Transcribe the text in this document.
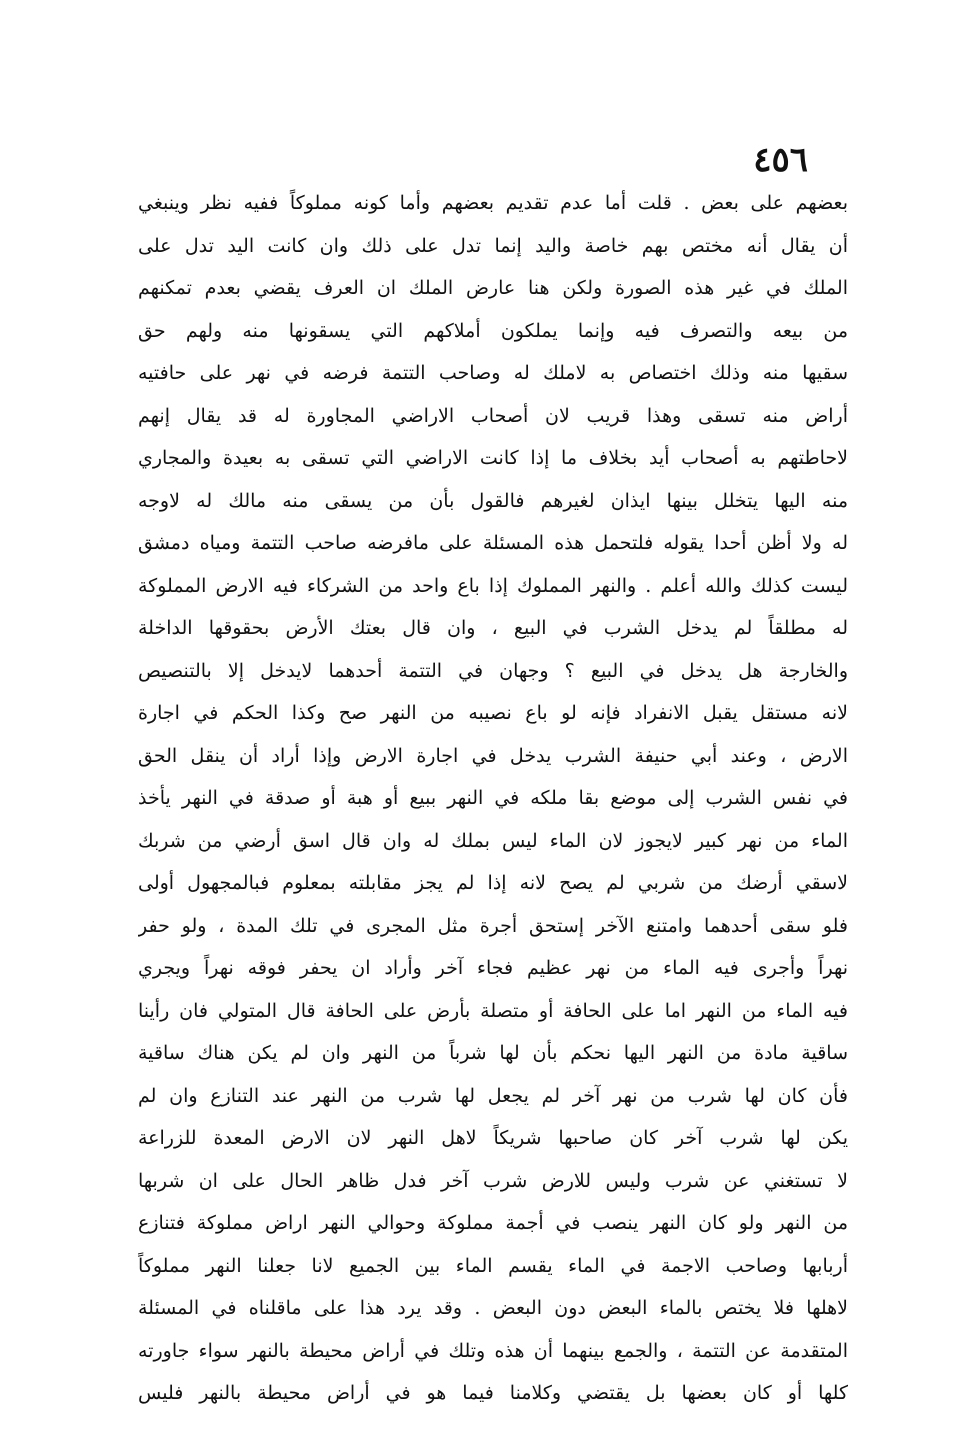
٤٥٦
بعضهم على بعض . قلت أما عدم تقديم بعضهم وأما كونه مملوكاً ففيه نظر وينبغي
أن يقال أنه مختص بهم خاصة واليد إنما تدل على ذلك وان كانت اليد تدل على
الملك في غير هذه الصورة ولكن هنا عارض الملك ان العرف يقضي بعدم تمكنهم
من بيعه والتصرف فيه وإنما يملكون أملاكهم التي يسقونها منه ولهم حق
سقيها منه وذلك اختصاص به لاملك له وصاحب التتمة فرضه في نهر على حافتيه
أراض منه تسقى وهذا قريب لان أصحاب الاراضي المجاورة له قد يقال إنهم
لاحاطتهم به أصحاب أيد بخلاف ما إذا كانت الاراضي التي تسقى به بعيدة والمجاري
منه اليها يتخلل بينها ايذان لغيرهم فالقول بأن من يسقى منه مالك له لاوجه
له ولا أظن أحدا يقوله فلتحمل هذه المسئلة على مافرضه صاحب التتمة ومياه دمشق
ليست كذلك والله أعلم . والنهر المملوك إذا باع واحد من الشركاء فيه الارض المملوكة
له مطلقاً لم يدخل الشرب في البيع ، وان قال بعتك الأرض بحقوقها الداخلة
والخارجة هل يدخل في البيع ؟ وجهان في التتمة أحدهما لايدخل إلا بالتنصيص
لانه مستقل يقبل الانفراد فإنه لو باع نصيبه من النهر صح وكذا الحكم في اجارة
الارض ، وعند أبي حنيفة الشرب يدخل في اجارة الارض وإذا أراد أن ينقل الحق
في نفس الشرب إلى موضع بقا ملكه في النهر ببيع أو هبة أو صدقة في النهر يأخذ
الماء من نهر كبير لايجوز لان الماء ليس بملك له وان قال اسق أرضي من شربك
لاسقي أرضك من شربي لم يصح لانه إذا لم يجز مقابلته بمعلوم فبالمجهول أولى
فلو سقى أحدهما وامتنع الآخر إستحق أجرة مثل المجرى في تلك المدة ، ولو حفر
نهراً وأجرى فيه الماء من نهر عظيم فجاء آخر وأراد ان يحفر فوقه نهراً ويجري
فيه الماء من النهر اما على الحافة أو متصلة بأرض على الحافة قال المتولي فان رأينا
ساقية مادة من النهر اليها نحكم بأن لها شرباً من النهر وان لم يكن هناك ساقية
فأن كان لها شرب من نهر آخر لم يجعل لها شرب من النهر عند التنازع وان لم
يكن لها شرب آخر كان صاحبها شريكاً لاهل النهر لان الارض المعدة للزراعة
لا تستغني عن شرب وليس للارض شرب آخر فدل ظاهر الحال على ان شربها
من النهر ولو كان النهر ينصب في أجمة مملوكة وحوالي النهر اراض مملوكة فتنازع
أربابها وصاحب الاجمة في الماء يقسم الماء بين الجميع لانا جعلنا النهر مملوكاً
لاهلها فلا يختص بالماء البعض دون البعض . وقد يرد هذا على ماقلناه في المسئلة
المتقدمة عن التتمة ، والجمع بينهما أن هذه وتلك في أراض محيطة بالنهر سواء جاورته
كلها أو كان بعضها بل يقتضي وكلامنا فيما هو في أراض محيطة بالنهر فليس
